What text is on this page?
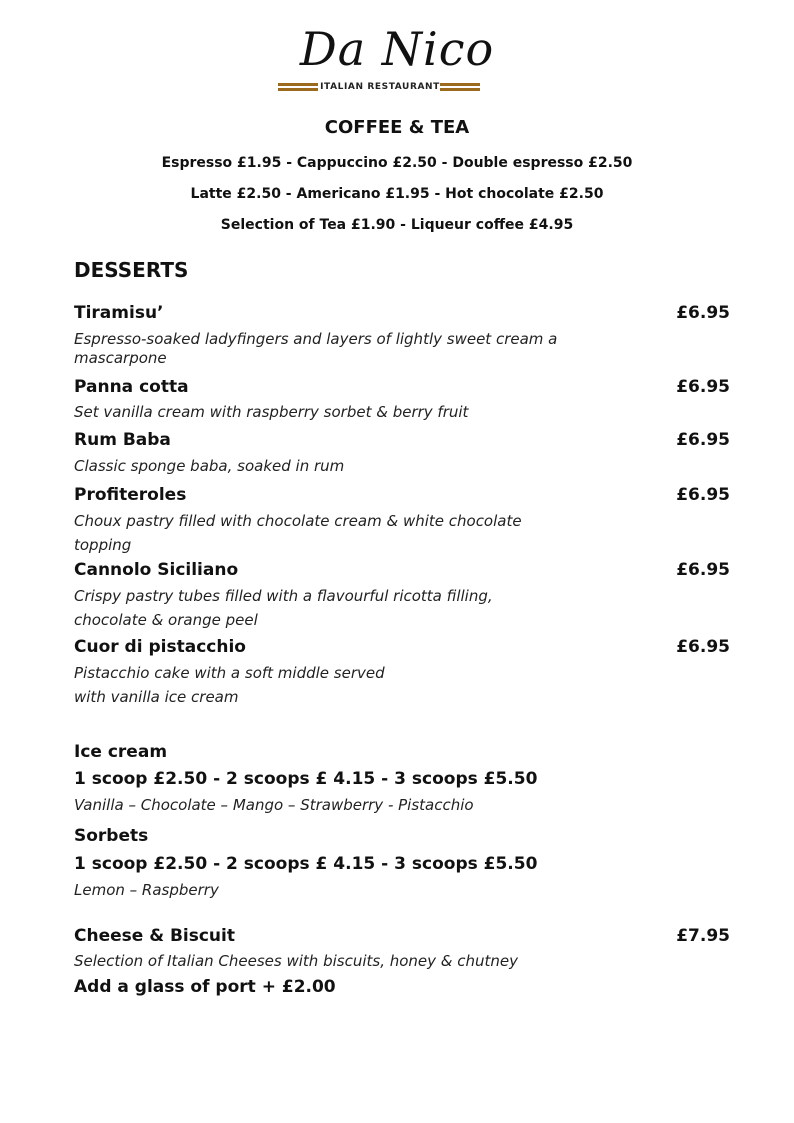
Da Nico
ITALIAN RESTAURANT
COFFEE & TEA
Espresso £1.95 - Cappuccino £2.50 - Double espresso £2.50
Latte £2.50 - Americano £1.95 - Hot chocolate £2.50
Selection of Tea £1.90 - Liqueur coffee £4.95
DESSERTS
Tiramisu’	£6.95
Espresso-soaked ladyfingers and layers of lightly sweet cream a
mascarpone
Panna cotta	£6.95
Set vanilla cream with raspberry sorbet & berry fruit
Rum Baba	£6.95
Classic sponge baba, soaked in rum
Profiteroles	£6.95
Choux pastry filled with chocolate cream & white chocolate
topping
Cannolo Siciliano	£6.95
Crispy pastry tubes filled with a flavourful ricotta filling,
chocolate & orange peel
Cuor di pistacchio	£6.95
Pistacchio cake with a soft middle served
with vanilla ice cream
Ice cream
1 scoop £2.50 - 2 scoops £ 4.15 - 3 scoops £5.50
Vanilla – Chocolate – Mango – Strawberry - Pistacchio
Sorbets
1 scoop £2.50 - 2 scoops £ 4.15 - 3 scoops £5.50
Lemon – Raspberry
Cheese & Biscuit	£7.95
Selection of Italian Cheeses with biscuits, honey & chutney
Add a glass of port + £2.00
